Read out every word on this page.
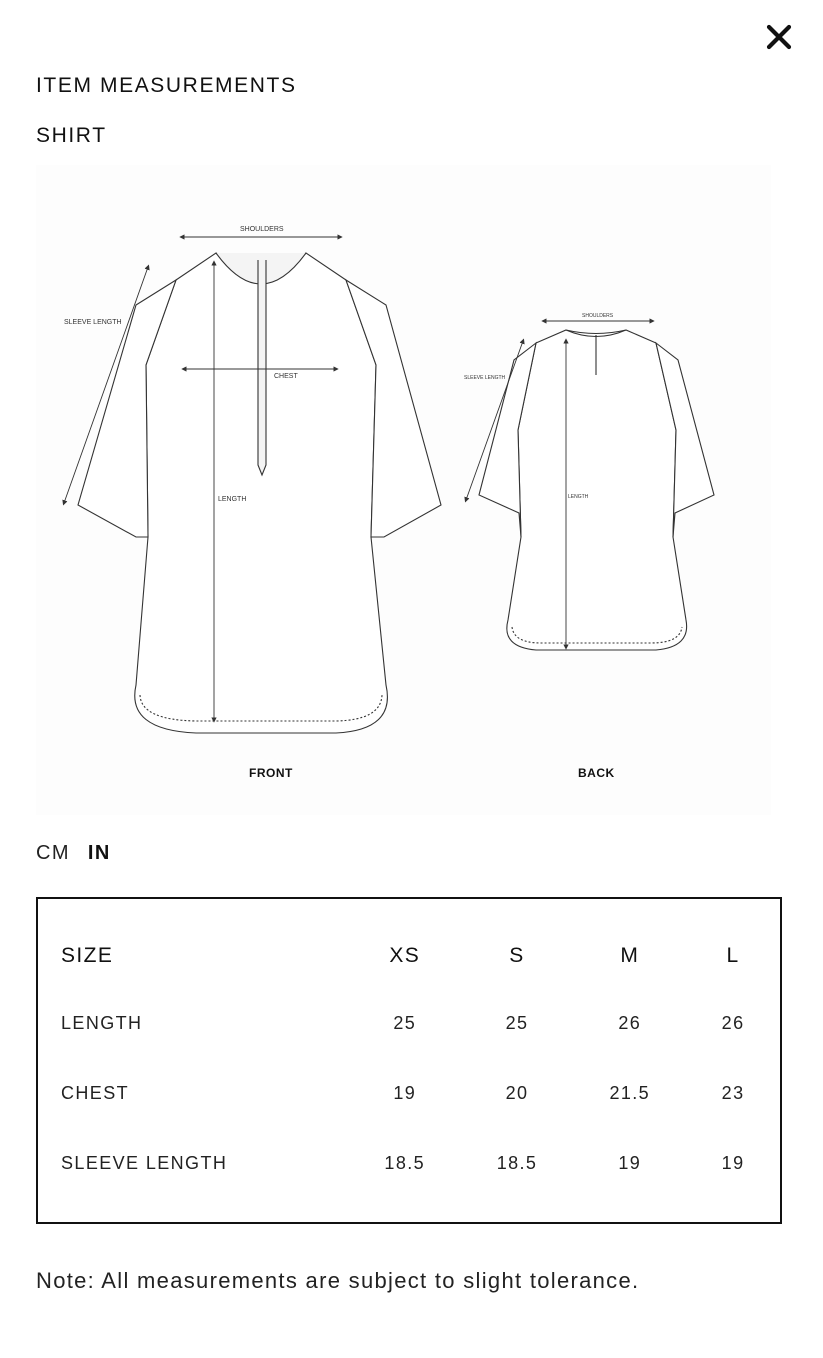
ITEM MEASUREMENTS
SHIRT
SHOULDERS
SLEEVE LENGTH
CHEST
LENGTH
FRONT
SHOULDERS
SLEEVE LENGTH
LENGTH
BACK
CM IN
SIZE	XS	S	M	L
LENGTH	25	25	26	26
CHEST	19	20	21.5	23
SLEEVE LENGTH	18.5	18.5	19	19
Note: All measurements are subject to slight tolerance.
